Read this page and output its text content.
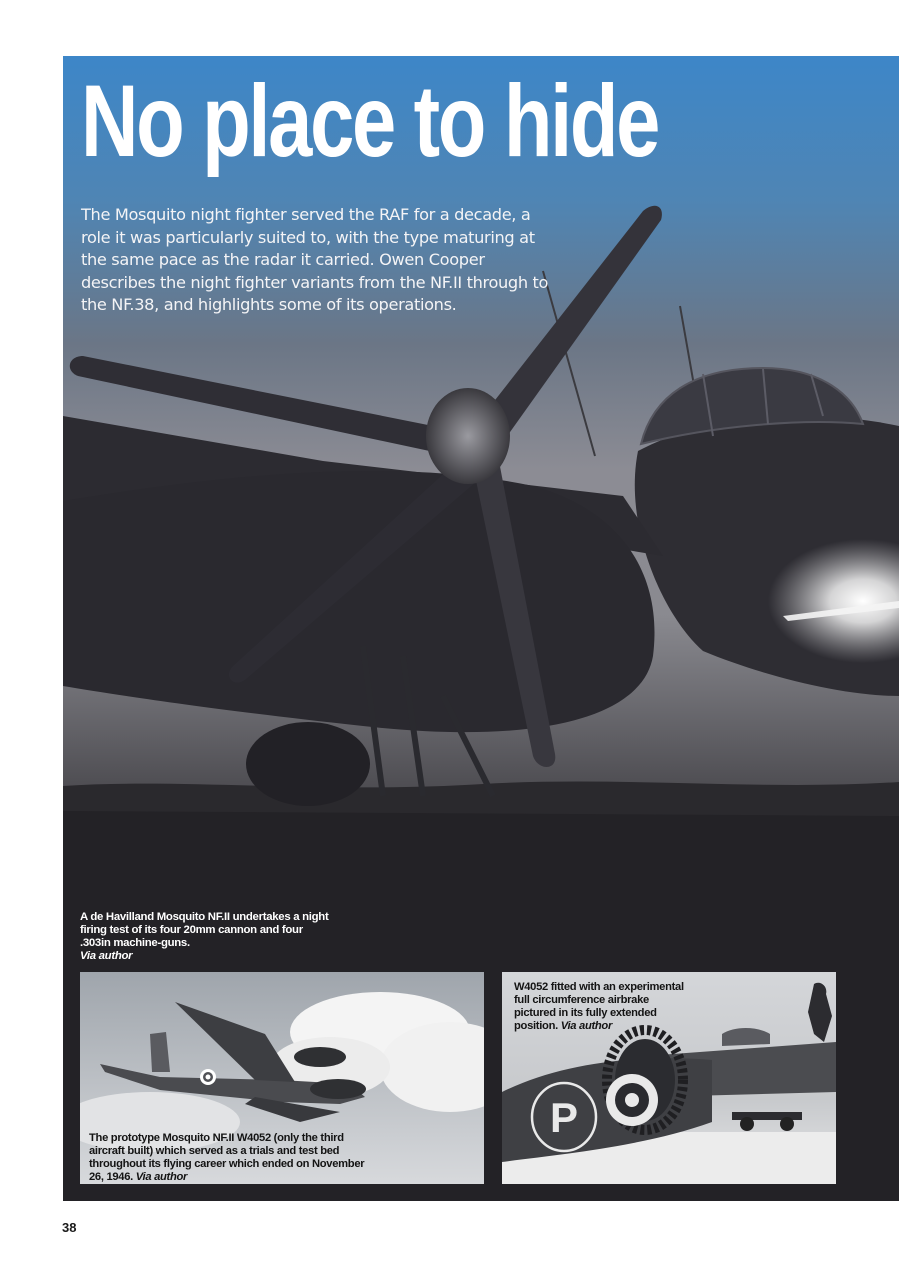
No place to hide

The Mosquito night fighter served the RAF for a decade, a role it was particularly suited to, with the type maturing at the same pace as the radar it carried. Owen Cooper describes the night fighter variants from the NF.II through to the NF.38, and highlights some of its operations.

A de Havilland Mosquito NF.II undertakes a night firing test of its four 20mm cannon and four .303in machine-guns.
Via author
The prototype Mosquito NF.II W4052 (only the third aircraft built) which served as a trials and test bed throughout its flying career which ended on November 26, 1946. Via author
P
W4052 fitted with an experimental full circumference airbrake pictured in its fully extended position. Via author

38
